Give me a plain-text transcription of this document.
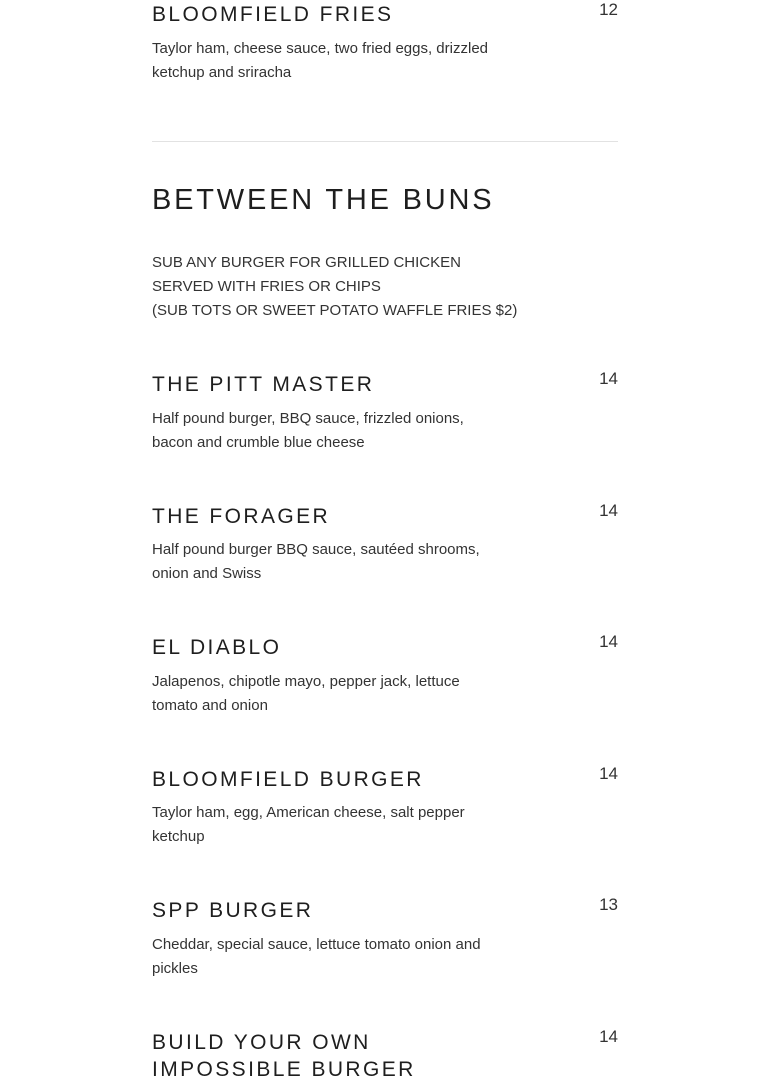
BLOOMFIELD FRIES	12
Taylor ham, cheese sauce, two fried eggs, drizzled ketchup and sriracha
BETWEEN THE BUNS
SUB ANY BURGER FOR GRILLED CHICKEN
SERVED WITH FRIES OR CHIPS
(SUB TOTS OR SWEET POTATO WAFFLE FRIES $2)
THE PITT MASTER	14
Half pound burger, BBQ sauce, frizzled onions, bacon and crumble blue cheese
THE FORAGER	14
Half pound burger BBQ sauce, sautéed shrooms, onion and Swiss
EL DIABLO	14
Jalapenos, chipotle mayo, pepper jack, lettuce tomato and onion
BLOOMFIELD BURGER	14
Taylor ham, egg, American cheese, salt pepper ketchup
SPP BURGER	13
Cheddar, special sauce, lettuce tomato onion and pickles
BUILD YOUR OWN
IMPOSSIBLE BURGER
14
